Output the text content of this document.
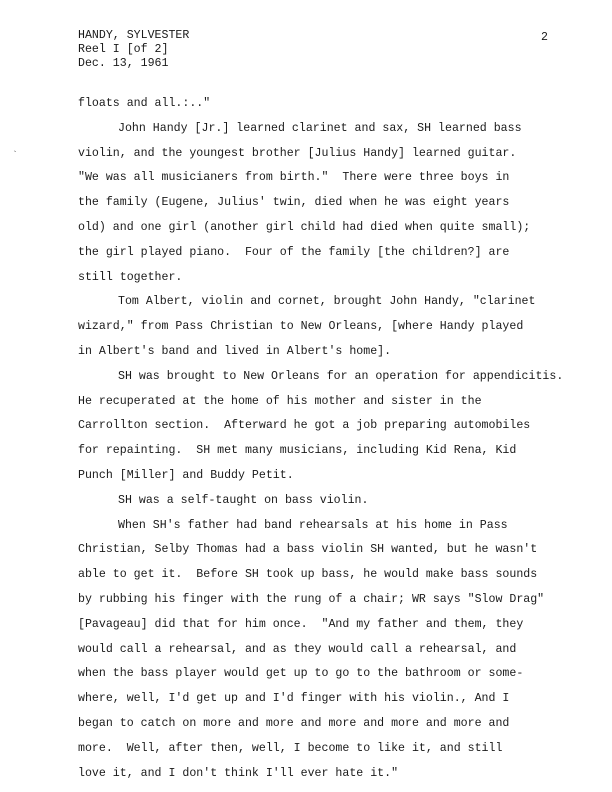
HANDY, SYLVESTER
Reel I [of 2]
Dec. 13, 1961
2
`
floats and all.:.."
John Handy [Jr.] learned clarinet and sax, SH learned bass
violin, and the youngest brother [Julius Handy] learned guitar.
"We was all musicianers from birth."  There were three boys in
the family (Eugene, Julius' twin, died when he was eight years
old) and one girl (another girl child had died when quite small);
the girl played piano.  Four of the family [the children?] are
still together.
Tom Albert, violin and cornet, brought John Handy, "clarinet
wizard," from Pass Christian to New Orleans, [where Handy played
in Albert's band and lived in Albert's home].
SH was brought to New Orleans for an operation for appendicitis.
He recuperated at the home of his mother and sister in the
Carrollton section.  Afterward he got a job preparing automobiles
for repainting.  SH met many musicians, including Kid Rena, Kid
Punch [Miller] and Buddy Petit.
SH was a self-taught on bass violin.
When SH's father had band rehearsals at his home in Pass
Christian, Selby Thomas had a bass violin SH wanted, but he wasn't
able to get it.  Before SH took up bass, he would make bass sounds
by rubbing his finger with the rung of a chair; WR says "Slow Drag"
[Pavageau] did that for him once.  "And my father and them, they
would call a rehearsal, and as they would call a rehearsal, and
when the bass player would get up to go to the bathroom or some-
where, well, I'd get up and I'd finger with his violin., And I
began to catch on more and more and more and more and more and
more.  Well, after then, well, I become to like it, and still
love it, and I don't think I'll ever hate it."
